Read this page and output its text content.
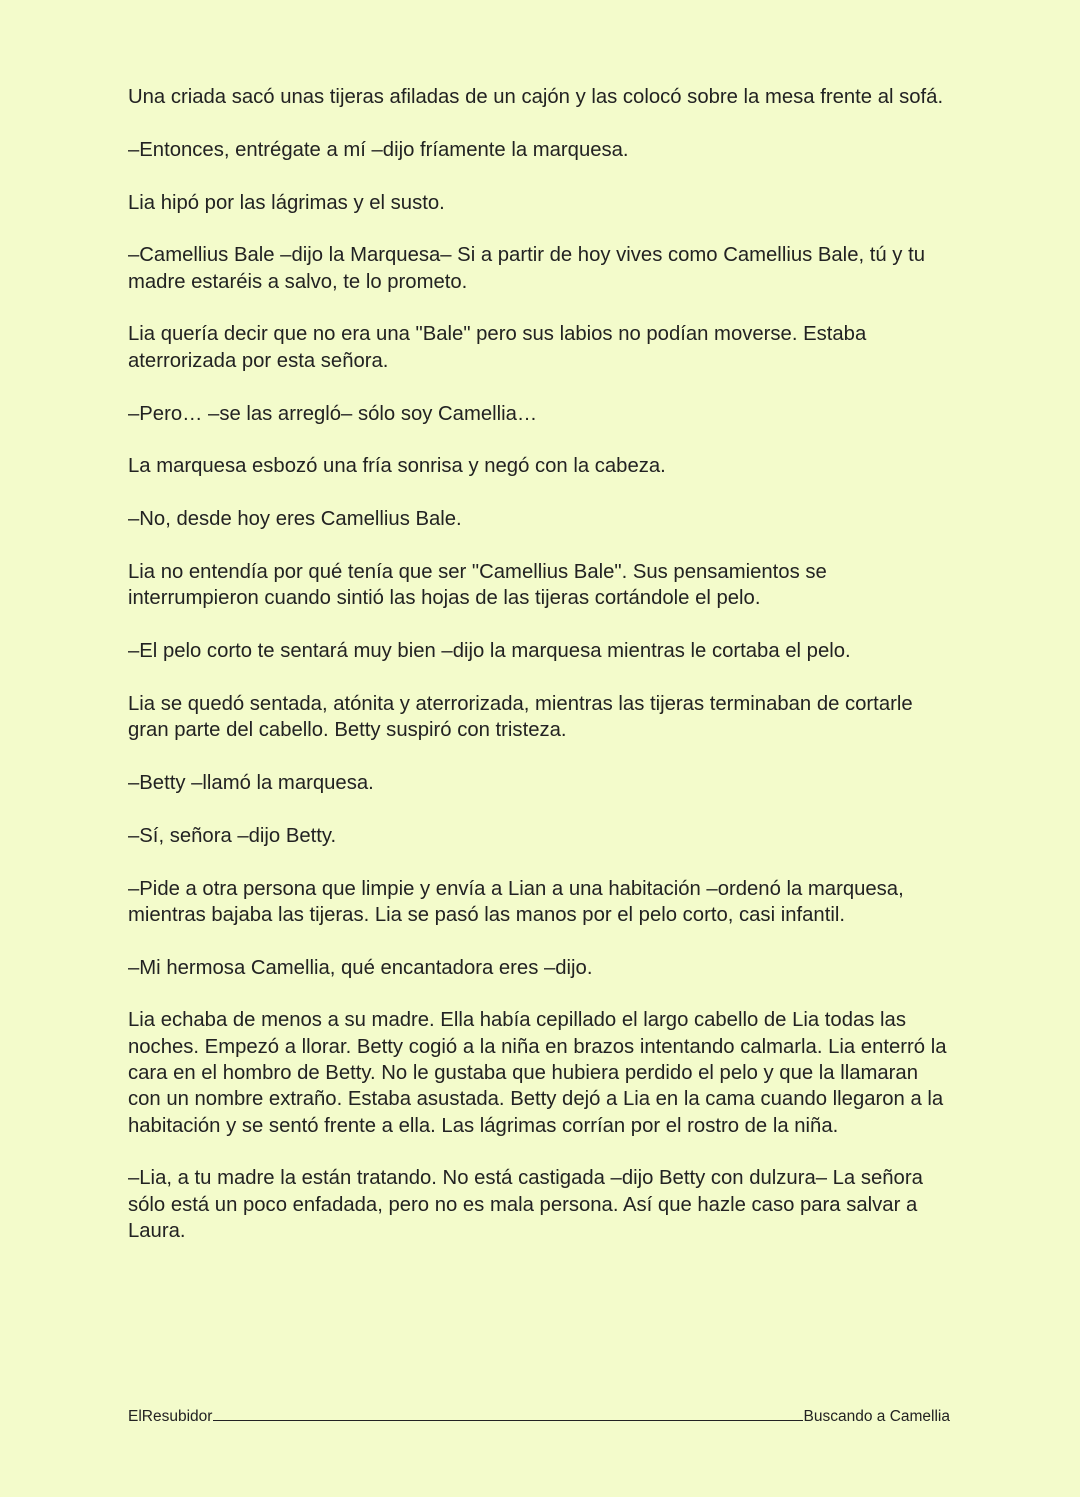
Una criada sacó unas tijeras afiladas de un cajón y las colocó sobre la mesa frente al sofá.

–Entonces, entrégate a mí –dijo fríamente la marquesa.

Lia hipó por las lágrimas y el susto.

–Camellius Bale –dijo la Marquesa– Si a partir de hoy vives como Camellius Bale, tú y tu madre estaréis a salvo, te lo prometo.

Lia quería decir que no era una "Bale" pero sus labios no podían moverse. Estaba aterrorizada por esta señora.

–Pero… –se las arregló– sólo soy Camellia…

La marquesa esbozó una fría sonrisa y negó con la cabeza.

–No, desde hoy eres Camellius Bale.

Lia no entendía por qué tenía que ser "Camellius Bale". Sus pensamientos se interrumpieron cuando sintió las hojas de las tijeras cortándole el pelo.

–El pelo corto te sentará muy bien –dijo la marquesa mientras le cortaba el pelo.

Lia se quedó sentada, atónita y aterrorizada, mientras las tijeras terminaban de cortarle gran parte del cabello. Betty suspiró con tristeza.

–Betty –llamó la marquesa.

–Sí, señora –dijo Betty.

–Pide a otra persona que limpie y envía a Lian a una habitación –ordenó la marquesa, mientras bajaba las tijeras. Lia se pasó las manos por el pelo corto, casi infantil.

–Mi hermosa Camellia, qué encantadora eres –dijo.

Lia echaba de menos a su madre. Ella había cepillado el largo cabello de Lia todas las noches. Empezó a llorar. Betty cogió a la niña en brazos intentando calmarla. Lia enterró la cara en el hombro de Betty. No le gustaba que hubiera perdido el pelo y que la llamaran con un nombre extraño. Estaba asustada. Betty dejó a Lia en la cama cuando llegaron a la habitación y se sentó frente a ella. Las lágrimas corrían por el rostro de la niña.

–Lia, a tu madre la están tratando. No está castigada –dijo Betty con dulzura– La señora sólo está un poco enfadada, pero no es mala persona. Así que hazle caso para salvar a Laura.

ElResubidor	Buscando a Camellia
